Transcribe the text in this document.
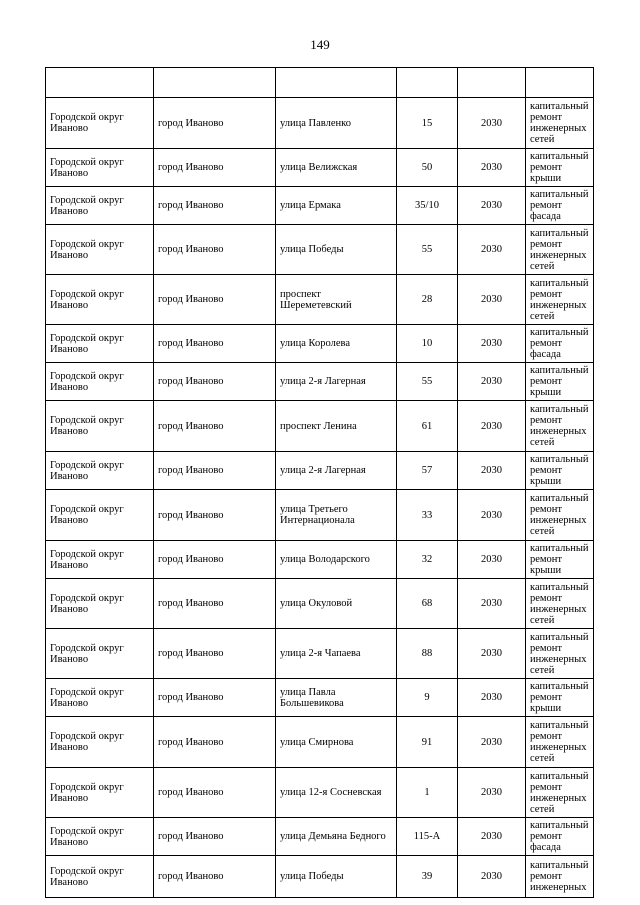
149

Городской округ Иваново	город Иваново	улица Павленко	15	2030	капитальный ремонт инженерных сетей
Городской округ Иваново	город Иваново	улица Велижская	50	2030	капитальный ремонт крыши
Городской округ Иваново	город Иваново	улица Ермака	35/10	2030	капитальный ремонт фасада
Городской округ Иваново	город Иваново	улица Победы	55	2030	капитальный ремонт инженерных сетей
Городской округ Иваново	город Иваново	проспект Шереметевский	28	2030	капитальный ремонт инженерных сетей
Городской округ Иваново	город Иваново	улица Королева	10	2030	капитальный ремонт фасада
Городской округ Иваново	город Иваново	улица 2-я Лагерная	55	2030	капитальный ремонт крыши
Городской округ Иваново	город Иваново	проспект Ленина	61	2030	капитальный ремонт инженерных сетей
Городской округ Иваново	город Иваново	улица 2-я Лагерная	57	2030	капитальный ремонт крыши
Городской округ Иваново	город Иваново	улица Третьего Интернационала	33	2030	капитальный ремонт инженерных сетей
Городской округ Иваново	город Иваново	улица Володарского	32	2030	капитальный ремонт крыши
Городской округ Иваново	город Иваново	улица Окуловой	68	2030	капитальный ремонт инженерных сетей
Городской округ Иваново	город Иваново	улица 2-я Чапаева	88	2030	капитальный ремонт инженерных сетей
Городской округ Иваново	город Иваново	улица Павла Большевикова	9	2030	капитальный ремонт крыши
Городской округ Иваново	город Иваново	улица Смирнова	91	2030	капитальный ремонт инженерных сетей
Городской округ Иваново	город Иваново	улица 12-я Сосневская	1	2030	капитальный ремонт инженерных сетей
Городской округ Иваново	город Иваново	улица Демьяна Бедного	115-А	2030	капитальный ремонт фасада
Городской округ Иваново	город Иваново	улица Победы	39	2030	капитальный ремонт инженерных
